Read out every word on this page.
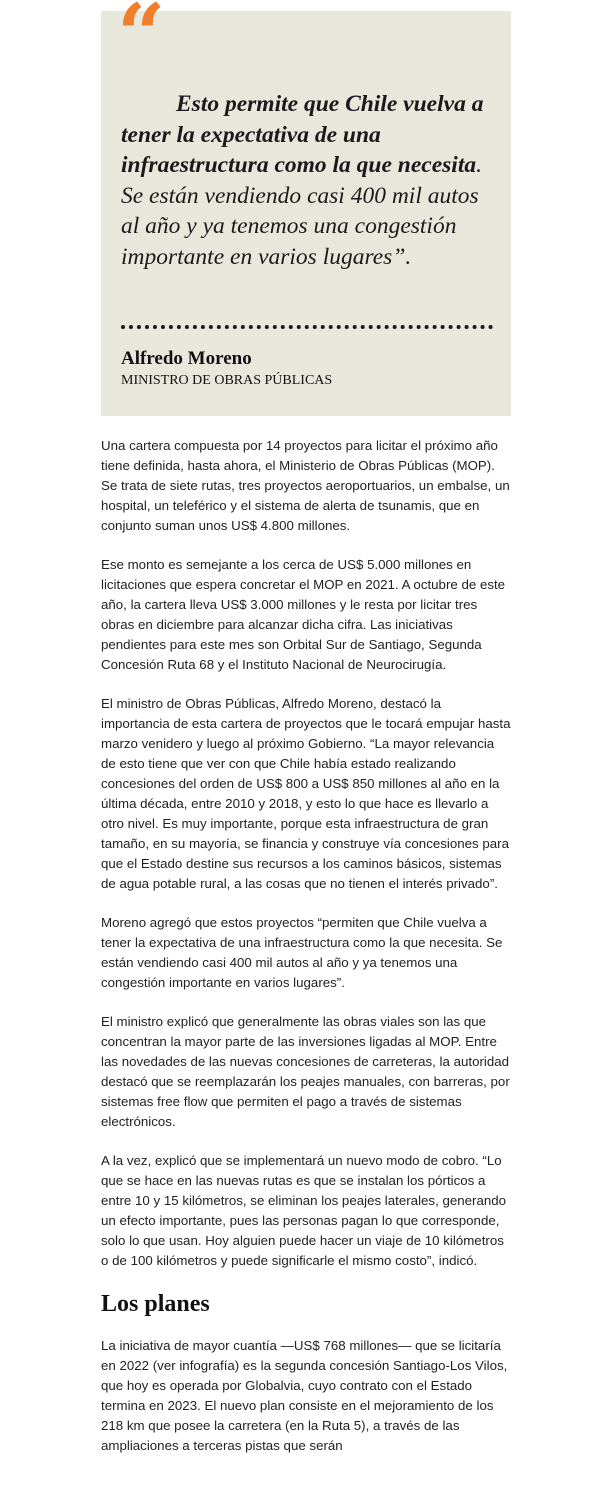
“

Esto permite que Chile vuelva a tener la expectativa de una infraestructura como la que necesita. Se están vendiendo casi 400 mil autos al año y ya tenemos una congestión importante en varios lugares”.

Alfredo Moreno

MINISTRO DE OBRAS PÚBLICAS

Una cartera compuesta por 14 proyectos para licitar el próximo año tiene definida, hasta ahora, el Ministerio de Obras Públicas (MOP). Se trata de siete rutas, tres proyectos aeroportuarios, un embalse, un hospital, un teleférico y el sistema de alerta de tsunamis, que en conjunto suman unos US$ 4.800 millones.

Ese monto es semejante a los cerca de US$ 5.000 millones en licitaciones que espera concretar el MOP en 2021. A octubre de este año, la cartera lleva US$ 3.000 millones y le resta por licitar tres obras en diciembre para alcanzar dicha cifra. Las iniciativas pendientes para este mes son Orbital Sur de Santiago, Segunda Concesión Ruta 68 y el Instituto Nacional de Neurocirugía.

El ministro de Obras Públicas, Alfredo Moreno, destacó la importancia de esta cartera de proyectos que le tocará empujar hasta marzo venidero y luego al próximo Gobierno. “La mayor relevancia de esto tiene que ver con que Chile había estado realizando concesiones del orden de US$ 800 a US$ 850 millones al año en la última década, entre 2010 y 2018, y esto lo que hace es llevarlo a otro nivel. Es muy importante, porque esta infraestructura de gran tamaño, en su mayoría, se financia y construye vía concesiones para que el Estado destine sus recursos a los caminos básicos, sistemas de agua potable rural, a las cosas que no tienen el interés privado”.

Moreno agregó que estos proyectos “permiten que Chile vuelva a tener la expectativa de una infraestructura como la que necesita. Se están vendiendo casi 400 mil autos al año y ya tenemos una congestión importante en varios lugares”.

El ministro explicó que generalmente las obras viales son las que concentran la mayor parte de las inversiones ligadas al MOP. Entre las novedades de las nuevas concesiones de carreteras, la autoridad destacó que se reemplazarán los peajes manuales, con barreras, por sistemas free flow que permiten el pago a través de sistemas electrónicos.

A la vez, explicó que se implementará un nuevo modo de cobro. “Lo que se hace en las nuevas rutas es que se instalan los pórticos a entre 10 y 15 kilómetros, se eliminan los peajes laterales, generando un efecto importante, pues las personas pagan lo que corresponde, solo lo que usan. Hoy alguien puede hacer un viaje de 10 kilómetros o de 100 kilómetros y puede significarle el mismo costo”, indicó.

Los planes

La iniciativa de mayor cuantía —US$ 768 millones— que se licitaría en 2022 (ver infografía) es la segunda concesión Santiago-Los Vilos, que hoy es operada por Globalvia, cuyo contrato con el Estado termina en 2023. El nuevo plan consiste en el mejoramiento de los 218 km que posee la carretera (en la Ruta 5), a través de las ampliaciones a terceras pistas que serán
